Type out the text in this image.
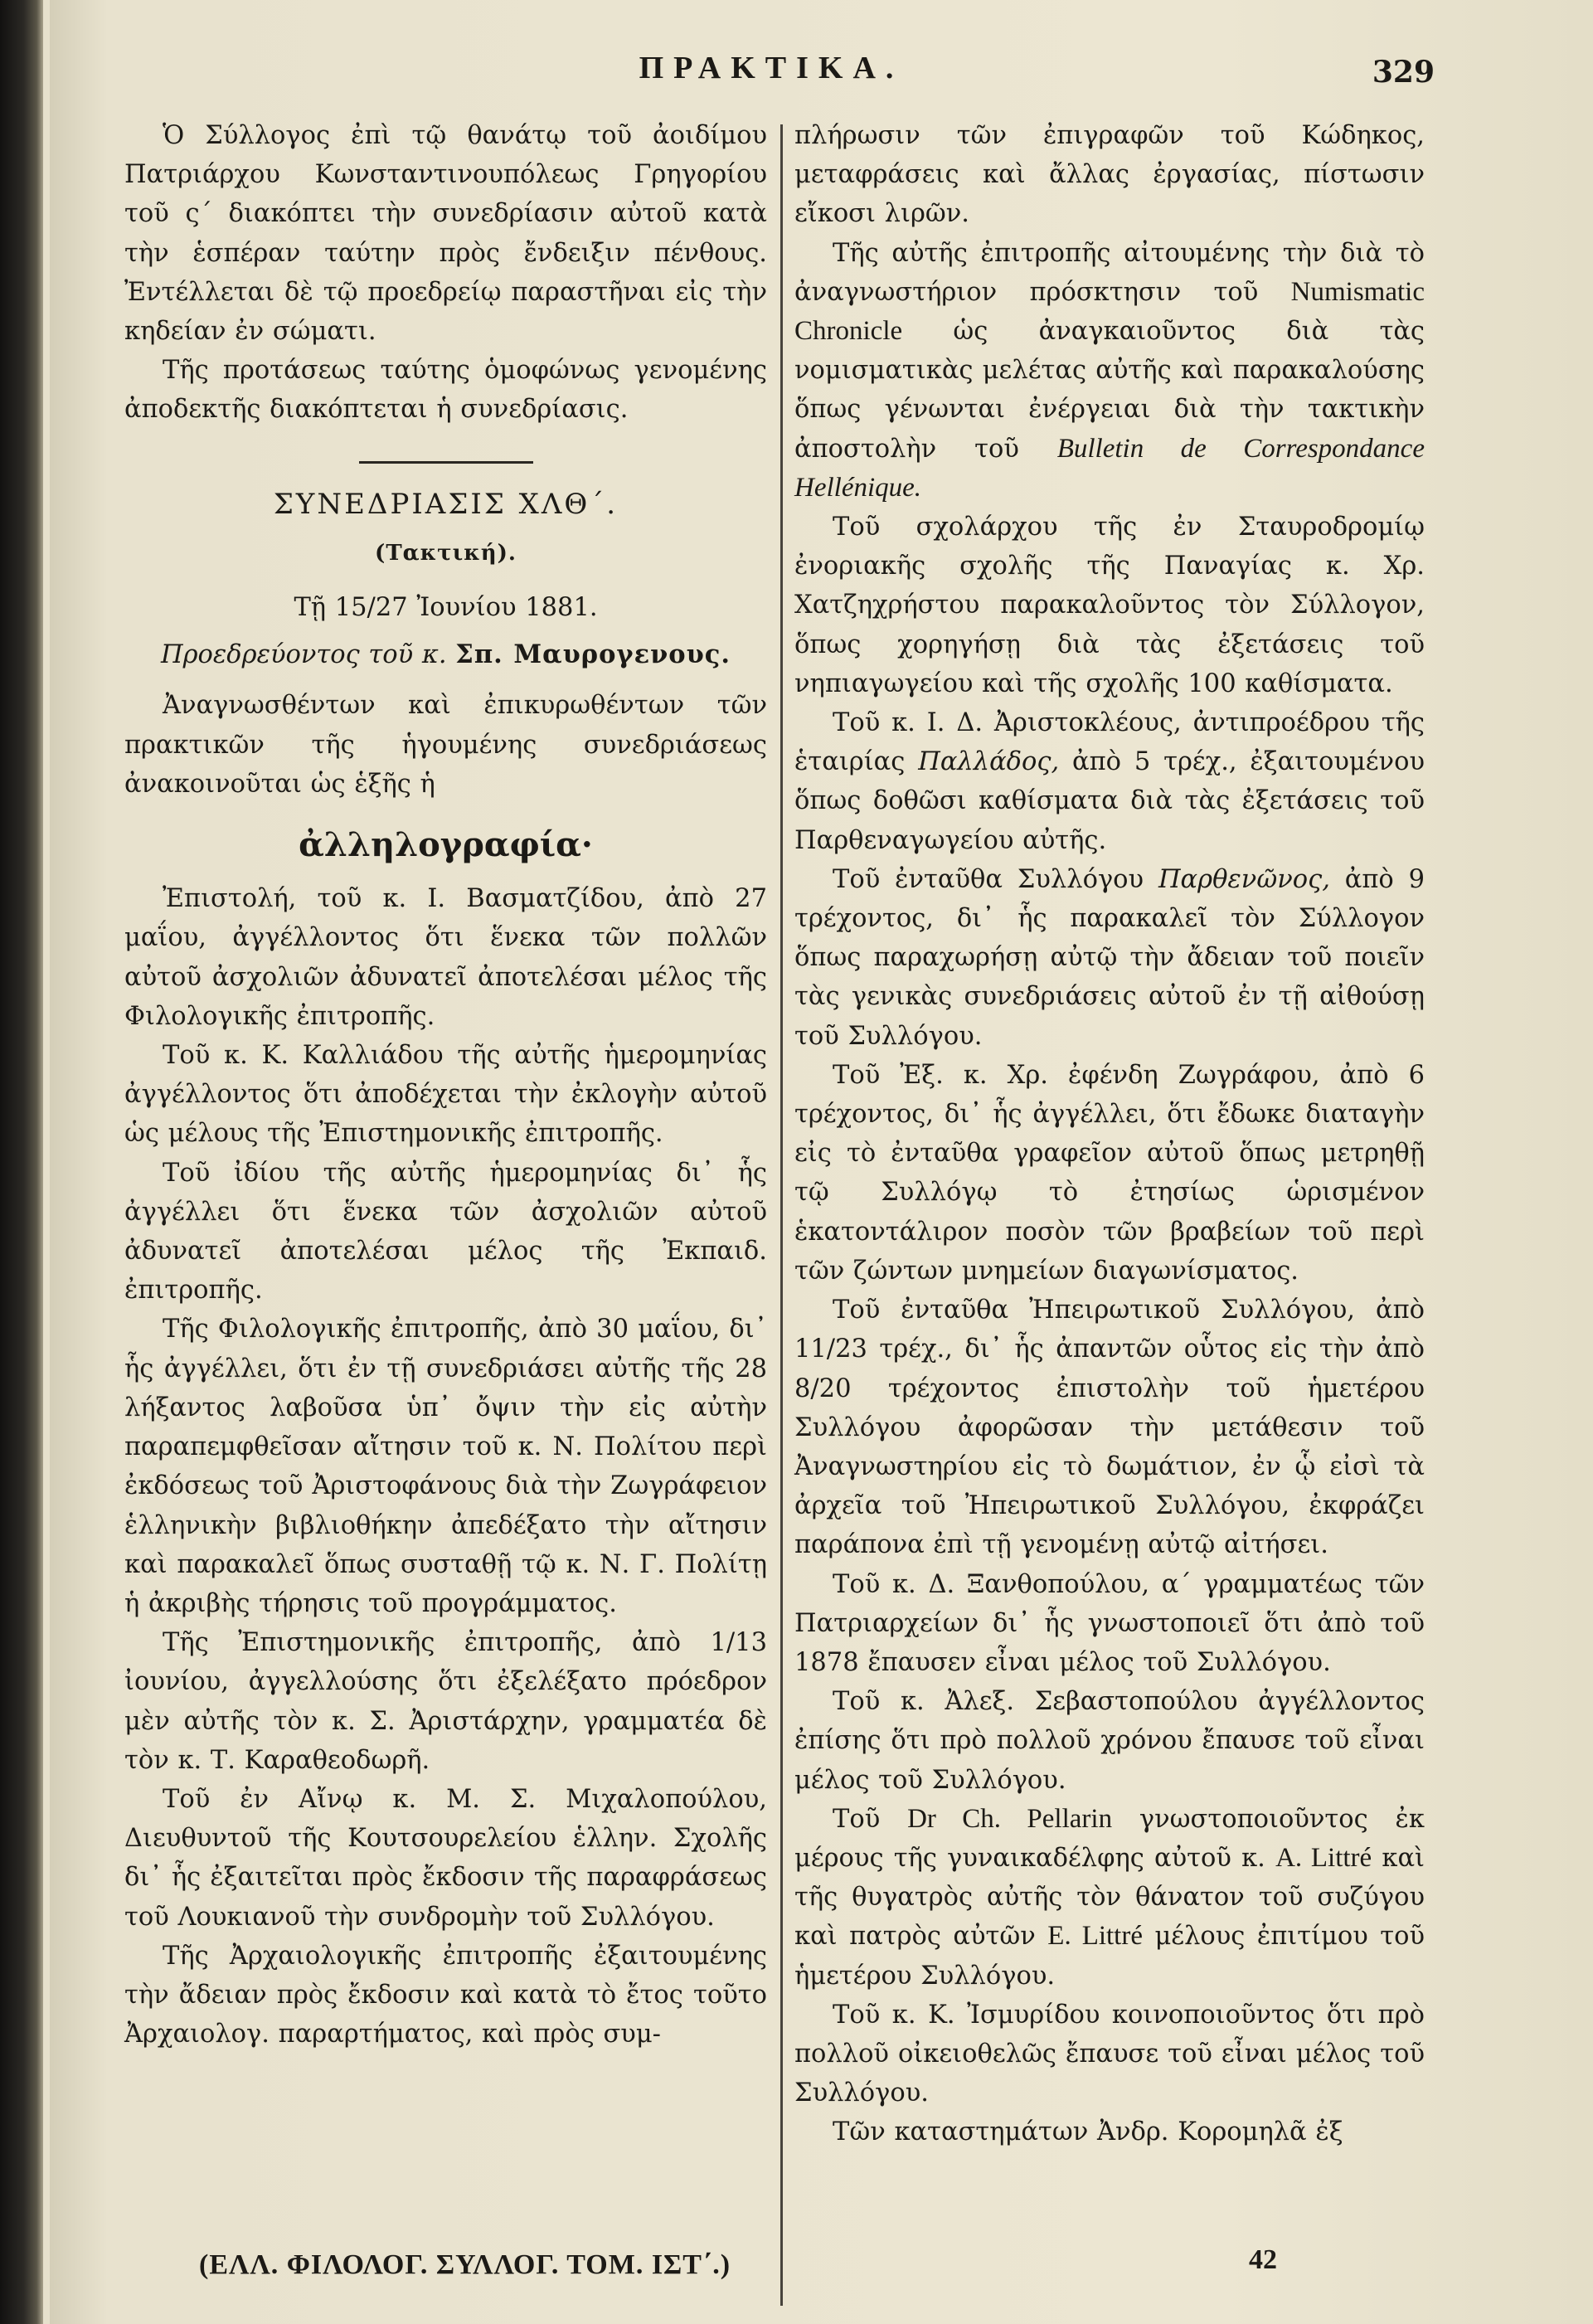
ΠΡΑΚΤΙΚΑ.	329

Ὁ Σύλλογος ἐπὶ τῷ θανάτῳ τοῦ ἀοιδίμου Πατριάρχου Κωνσταντινουπόλεως Γρηγορίου τοῦ ς΄ διακόπτει τὴν συνεδρίασιν αὐτοῦ κατὰ τὴν ἑσπέραν ταύτην πρὸς ἔνδειξιν πένθους. Ἐντέλλεται δὲ τῷ προεδρείῳ παραστῆναι εἰς τὴν κηδείαν ἐν σώματι.

Τῆς προτάσεως ταύτης ὁμοφώνως γενομένης ἀποδεκτῆς διακόπτεται ἡ συνεδρίασις.

ΣΥΝΕΔΡΙΑΣΙΣ ΧΛΘ΄.

(Τακτική).

Τῇ 15/27 Ἰουνίου 1881.

Προεδρεύοντος τοῦ κ. Σπ. Μαυρογενους.

Ἀναγνωσθέντων καὶ ἐπικυρωθέντων τῶν πρακτικῶν τῆς ἡγουμένης συνεδριάσεως ἀνακοινοῦται ὡς ἑξῆς ἡ

ἀλληλογραφία·

Ἐπιστολή, τοῦ κ. Ι. Βασματζίδου, ἀπὸ 27 μαΐου, ἀγγέλλοντος ὅτι ἕνεκα τῶν πολλῶν αὐτοῦ ἀσχολιῶν ἀδυνατεῖ ἀποτελέσαι μέλος τῆς Φιλολογικῆς ἐπιτροπῆς.

Τοῦ κ. Κ. Καλλιάδου τῆς αὐτῆς ἡμερομηνίας ἀγγέλλοντος ὅτι ἀποδέχεται τὴν ἐκλογὴν αὐτοῦ ὡς μέλους τῆς Ἐπιστημονικῆς ἐπιτροπῆς.

Τοῦ ἰδίου τῆς αὐτῆς ἡμερομηνίας δι᾽ ἧς ἀγγέλλει ὅτι ἕνεκα τῶν ἀσχολιῶν αὐτοῦ ἀδυνατεῖ ἀποτελέσαι μέλος τῆς Ἐκπαιδ. ἐπιτροπῆς.

Τῆς Φιλολογικῆς ἐπιτροπῆς, ἀπὸ 30 μαΐου, δι᾽ ἧς ἀγγέλλει, ὅτι ἐν τῇ συνεδριάσει αὐτῆς τῆς 28 λήξαντος λαβοῦσα ὑπ᾽ ὄψιν τὴν εἰς αὐτὴν παραπεμφθεῖσαν αἴτησιν τοῦ κ. Ν. Πολίτου περὶ ἐκδόσεως τοῦ Ἀριστοφάνους διὰ τὴν Ζωγράφειον ἑλληνικὴν βιβλιοθήκην ἀπεδέξατο τὴν αἴτησιν καὶ παρακαλεῖ ὅπως συσταθῇ τῷ κ. Ν. Γ. Πολίτῃ ἡ ἀκριβὴς τήρησις τοῦ προγράμματος.

Τῆς Ἐπιστημονικῆς ἐπιτροπῆς, ἀπὸ 1/13 ἰουνίου, ἀγγελλούσης ὅτι ἐξελέξατο πρόεδρον μὲν αὐτῆς τὸν κ. Σ. Ἀριστάρχην, γραμματέα δὲ τὸν κ. Τ. Καραθεοδωρῆ.

Τοῦ ἐν Αἴνῳ κ. Μ. Σ. Μιχαλοπούλου, Διευθυντοῦ τῆς Κουτσουρελείου ἑλλην. Σχολῆς δι᾽ ἧς ἐξαιτεῖται πρὸς ἔκδοσιν τῆς παραφράσεως τοῦ Λουκιανοῦ τὴν συνδρομὴν τοῦ Συλλόγου.

Τῆς Ἀρχαιολογικῆς ἐπιτροπῆς ἐξαιτουμένης τὴν ἄδειαν πρὸς ἔκδοσιν καὶ κατὰ τὸ ἔτος τοῦτο Ἀρχαιολογ. παραρτήματος, καὶ πρὸς συμ-

πλήρωσιν τῶν ἐπιγραφῶν τοῦ Κώδηκος, μεταφράσεις καὶ ἄλλας ἐργασίας, πίστωσιν εἴκοσι λιρῶν.

Τῆς αὐτῆς ἐπιτροπῆς αἰτουμένης τὴν διὰ τὸ ἀναγνωστήριον πρόσκτησιν τοῦ Numismatic Chronicle ὡς ἀναγκαιοῦντος διὰ τὰς νομισματικὰς μελέτας αὐτῆς καὶ παρακαλούσης ὅπως γένωνται ἐνέργειαι διὰ τὴν τακτικὴν ἀποστολὴν τοῦ Bulletin de Correspondance Hellénique.

Τοῦ σχολάρχου τῆς ἐν Σταυροδρομίῳ ἐνοριακῆς σχολῆς τῆς Παναγίας κ. Χρ. Χατζηχρήστου παρακαλοῦντος τὸν Σύλλογον, ὅπως χορηγήσῃ διὰ τὰς ἐξετάσεις τοῦ νηπιαγωγείου καὶ τῆς σχολῆς 100 καθίσματα.

Τοῦ κ. Ι. Δ. Ἀριστοκλέους, ἀντιπροέδρου τῆς ἑταιρίας Παλλάδος, ἀπὸ 5 τρέχ., ἐξαιτουμένου ὅπως δοθῶσι καθίσματα διὰ τὰς ἐξετάσεις τοῦ Παρθεναγωγείου αὐτῆς.

Τοῦ ἐνταῦθα Συλλόγου Παρθενῶνος, ἀπὸ 9 τρέχοντος, δι᾽ ἧς παρακαλεῖ τὸν Σύλλογον ὅπως παραχωρήσῃ αὐτῷ τὴν ἄδειαν τοῦ ποιεῖν τὰς γενικὰς συνεδριάσεις αὐτοῦ ἐν τῇ αἰθούσῃ τοῦ Συλλόγου.

Τοῦ Ἐξ. κ. Χρ. ἐφένδη Ζωγράφου, ἀπὸ 6 τρέχοντος, δι᾽ ἧς ἀγγέλλει, ὅτι ἔδωκε διαταγὴν εἰς τὸ ἐνταῦθα γραφεῖον αὐτοῦ ὅπως μετρηθῇ τῷ Συλλόγῳ τὸ ἐτησίως ὡρισμένον ἑκατοντάλιρον ποσὸν τῶν βραβείων τοῦ περὶ τῶν ζώντων μνημείων διαγωνίσματος.

Τοῦ ἐνταῦθα Ἠπειρωτικοῦ Συλλόγου, ἀπὸ 11/23 τρέχ., δι᾽ ἧς ἀπαντῶν οὗτος εἰς τὴν ἀπὸ 8/20 τρέχοντος ἐπιστολὴν τοῦ ἡμετέρου Συλλόγου ἀφορῶσαν τὴν μετάθεσιν τοῦ Ἀναγνωστηρίου εἰς τὸ δωμάτιον, ἐν ᾧ εἰσὶ τὰ ἀρχεῖα τοῦ Ἠπειρωτικοῦ Συλλόγου, ἐκφράζει παράπονα ἐπὶ τῇ γενομένῃ αὐτῷ αἰτήσει.

Τοῦ κ. Δ. Ξανθοπούλου, α΄ γραμματέως τῶν Πατριαρχείων δι᾽ ἧς γνωστοποιεῖ ὅτι ἀπὸ τοῦ 1878 ἔπαυσεν εἶναι μέλος τοῦ Συλλόγου.

Τοῦ κ. Ἀλεξ. Σεβαστοπούλου ἀγγέλλοντος ἐπίσης ὅτι πρὸ πολλοῦ χρόνου ἔπαυσε τοῦ εἶναι μέλος τοῦ Συλλόγου.

Τοῦ Dr Ch. Pellarin γνωστοποιοῦντος ἐκ μέρους τῆς γυναικαδέλφης αὐτοῦ κ. A. Littré καὶ τῆς θυγατρὸς αὐτῆς τὸν θάνατον τοῦ συζύγου καὶ πατρὸς αὐτῶν E. Littré μέλους ἐπιτίμου τοῦ ἡμετέρου Συλλόγου.

Τοῦ κ. Κ. Ἰσμυρίδου κοινοποιοῦντος ὅτι πρὸ πολλοῦ οἰκειοθελῶς ἔπαυσε τοῦ εἶναι μέλος τοῦ Συλλόγου.

Τῶν καταστημάτων Ἀνδρ. Κορομηλᾶ ἐξ

(ΕΛΛ. ΦΙΛΟΛΟΓ. ΣΥΛΛΟΓ. ΤΟΜ. ΙΣΤ΄.)	42
